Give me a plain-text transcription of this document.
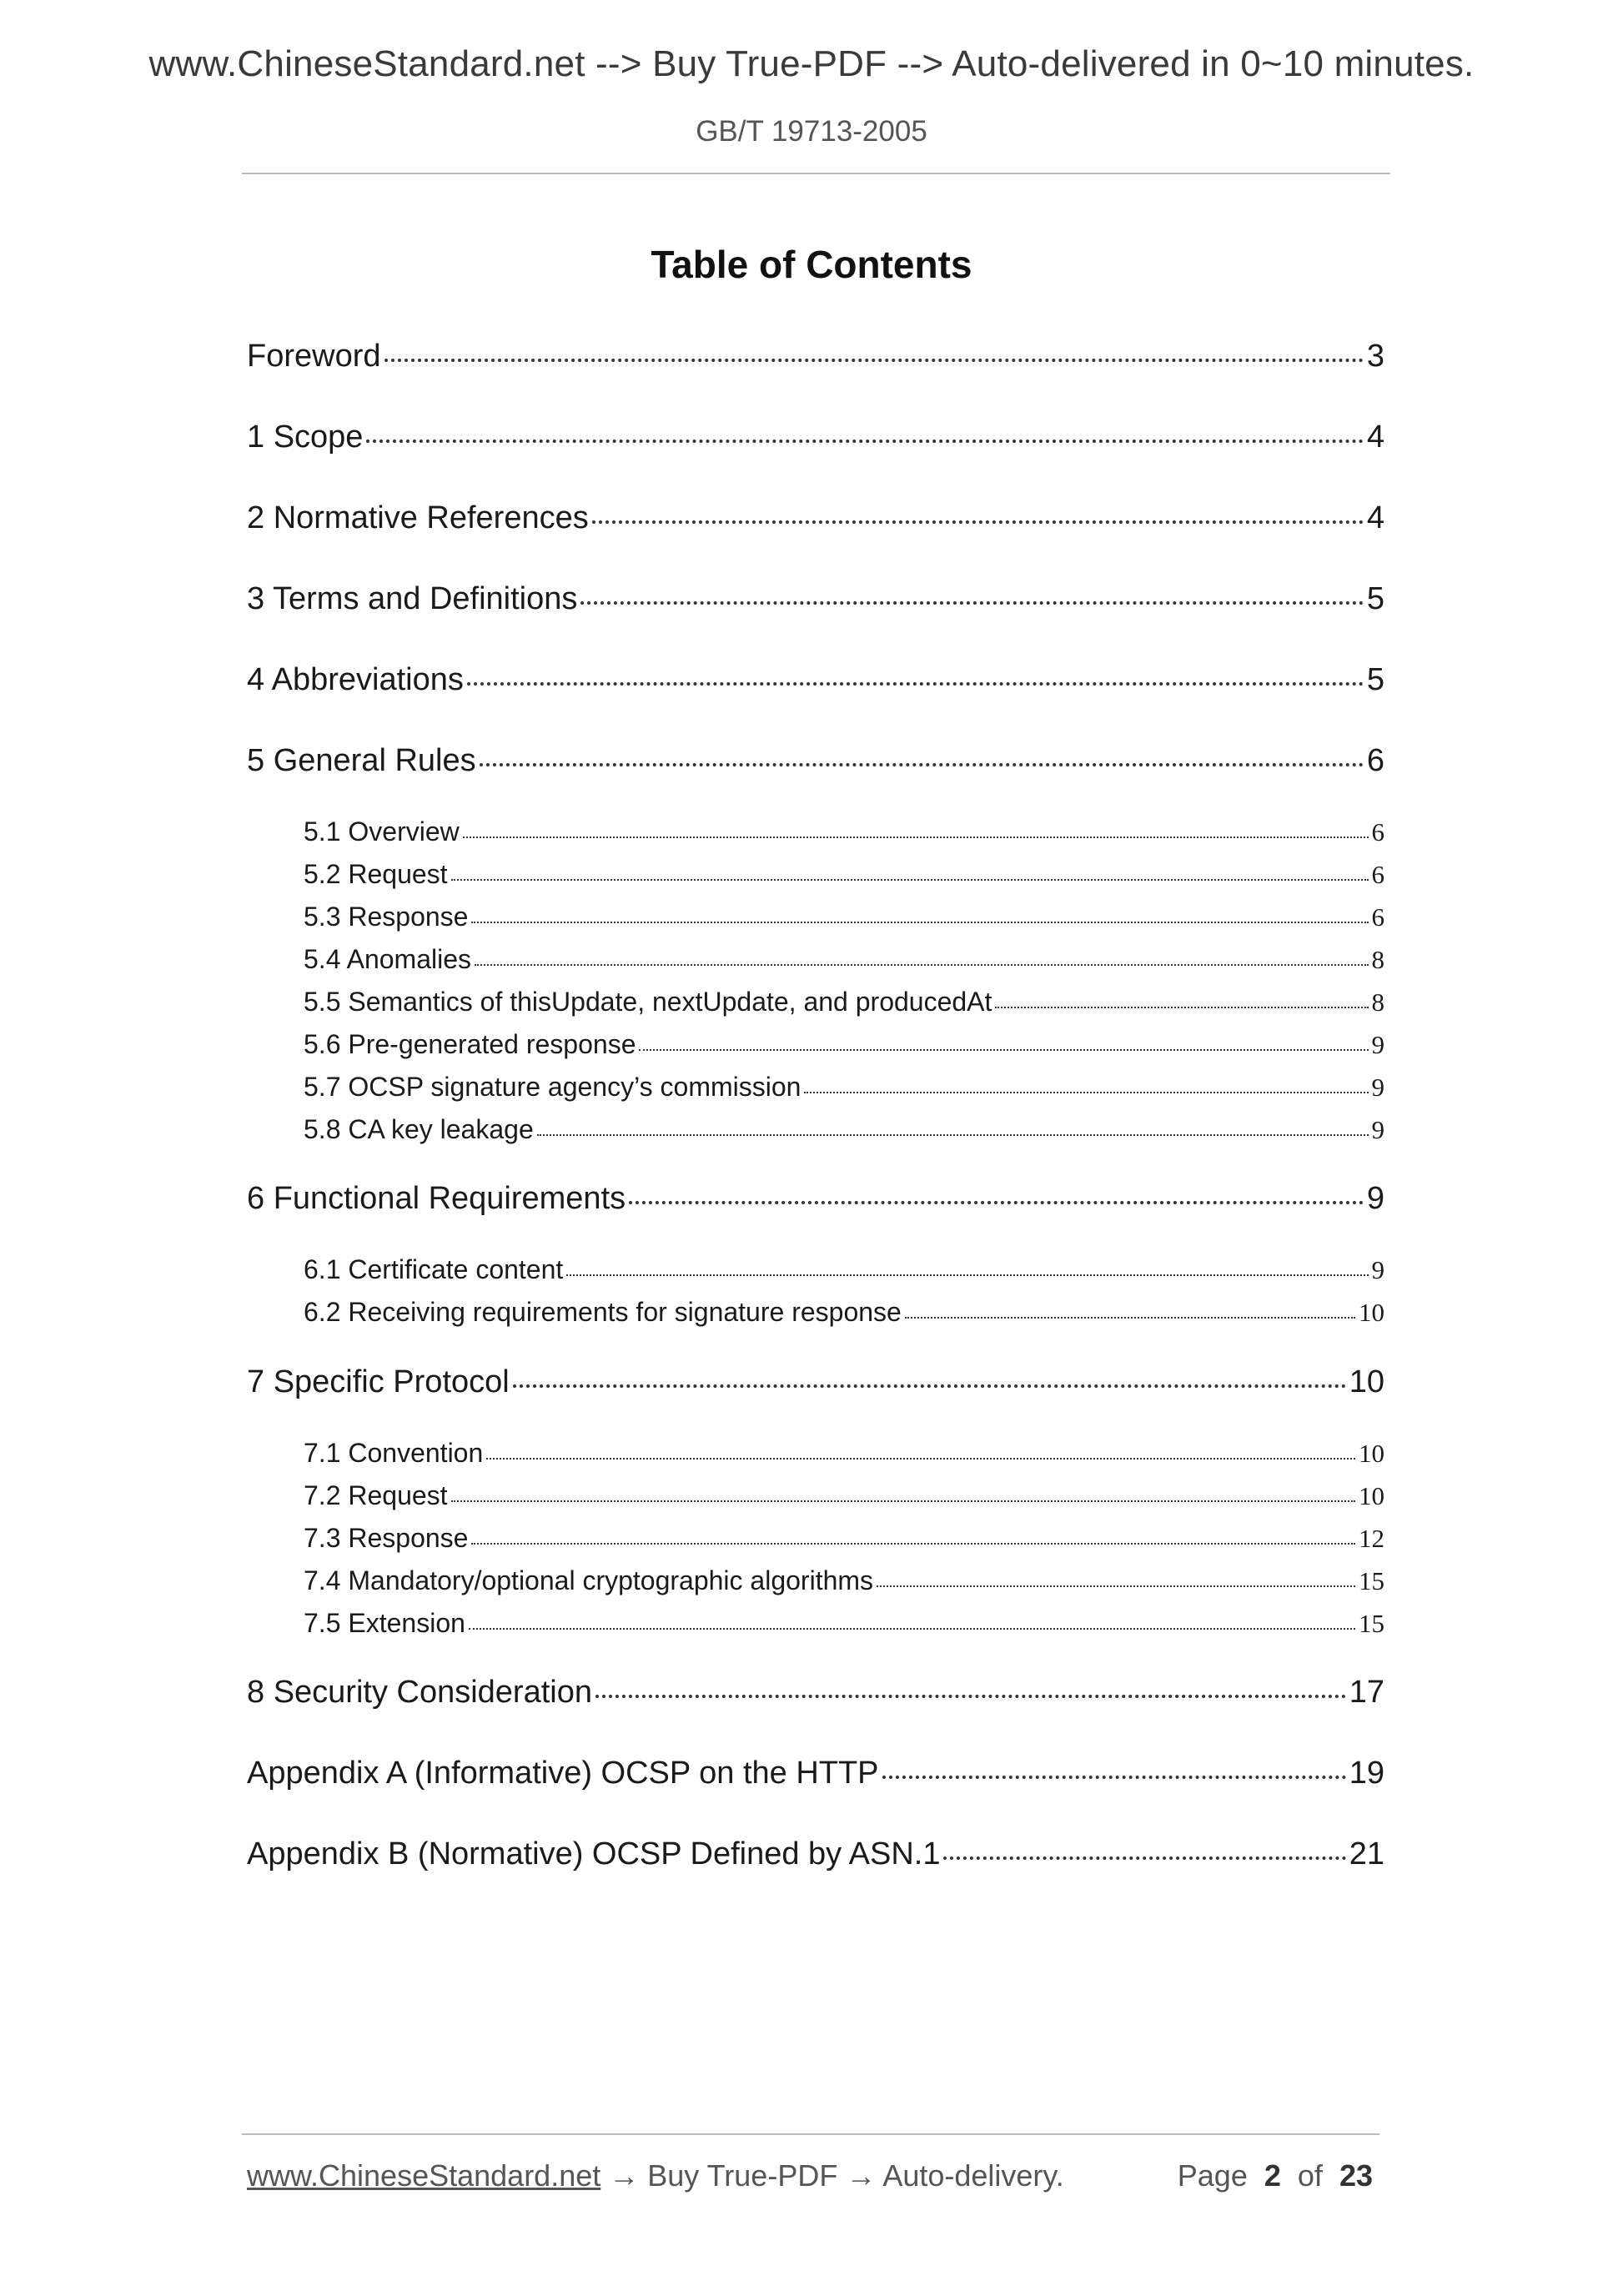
www.ChineseStandard.net --> Buy True-PDF --> Auto-delivered in 0~10 minutes.
GB/T 19713-2005
Table of Contents
Foreword	3
1 Scope	4
2 Normative References	4
3 Terms and Definitions	5
4 Abbreviations	5
5 General Rules	6
5.1 Overview	6
5.2 Request	6
5.3 Response	6
5.4 Anomalies	8
5.5 Semantics of thisUpdate, nextUpdate, and producedAt	8
5.6 Pre-generated response	9
5.7 OCSP signature agency’s commission	9
5.8 CA key leakage	9
6 Functional Requirements	9
6.1 Certificate content	9
6.2 Receiving requirements for signature response	10
7 Specific Protocol	10
7.1 Convention	10
7.2 Request	10
7.3 Response	12
7.4 Mandatory/optional cryptographic algorithms	15
7.5 Extension	15
8 Security Consideration	17
Appendix A (Informative) OCSP on the HTTP	19
Appendix B (Normative) OCSP Defined by ASN.1	21
www.ChineseStandard.net → Buy True-PDF → Auto-delivery.	Page 2 of 23
